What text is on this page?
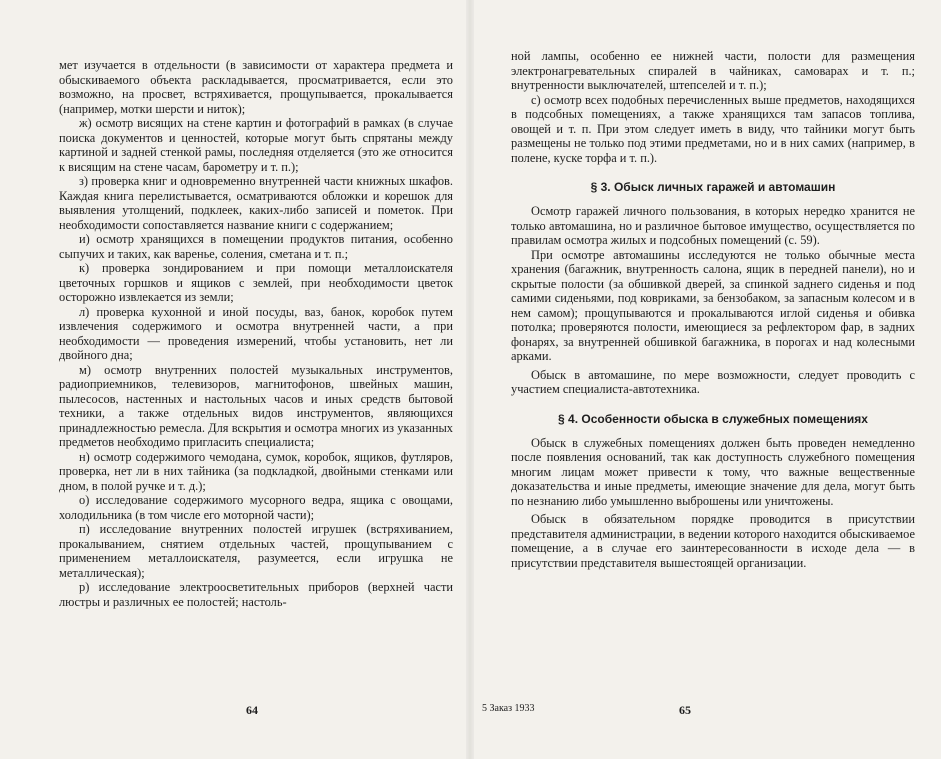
мет изучается в отдельности (в зависимости от характера предмета и обыскиваемого объекта раскладывается, просматривается, если это возможно, на просвет, встряхивается, прощупывается, прокалывается (например, мотки шерсти и ниток);

ж) осмотр висящих на стене картин и фотографий в рамках (в случае поиска документов и ценностей, которые могут быть спрятаны между картиной и задней стенкой рамы, последняя отделяется (это же относится к висящим на стене часам, барометру и т. п.);

з) проверка книг и одновременно внутренней части книжных шкафов. Каждая книга перелистывается, осматриваются обложки и корешок для выявления утолщений, подклеек, каких-либо записей и пометок. При необходимости сопоставляется название книги с содержанием;

и) осмотр хранящихся в помещении продуктов питания, особенно сыпучих и таких, как варенье, соления, сметана и т. п.;

к) проверка зондированием и при помощи металлоискателя цветочных горшков и ящиков с землей, при необходимости цветок осторожно извлекается из земли;

л) проверка кухонной и иной посуды, ваз, банок, коробок путем извлечения содержимого и осмотра внутренней части, а при необходимости — проведения измерений, чтобы установить, нет ли двойного дна;

м) осмотр внутренних полостей музыкальных инструментов, радиоприемников, телевизоров, магнитофонов, швейных машин, пылесосов, настенных и настольных часов и иных средств бытовой техники, а также отдельных видов инструментов, являющихся принадлежностью ремесла. Для вскрытия и осмотра многих из указанных предметов необходимо пригласить специалиста;

н) осмотр содержимого чемодана, сумок, коробок, ящиков, футляров, проверка, нет ли в них тайника (за подкладкой, двойными стенками или дном, в полой ручке и т. д.);

о) исследование содержимого мусорного ведра, ящика с овощами, холодильника (в том числе его моторной части);

п) исследование внутренних полостей игрушек (встряхиванием, прокалыванием, снятием отдельных частей, прощупыванием с применением металлоискателя, разумеется, если игрушка не металлическая);

р) исследование электроосветительных приборов (верхней части люстры и различных ее полостей; настоль-

64

ной лампы, особенно ее нижней части, полости для размещения электронагревательных спиралей в чайниках, самоварах и т. п.; внутренности выключателей, штепселей и т. п.);

с) осмотр всех подобных перечисленных выше предметов, находящихся в подсобных помещениях, а также хранящихся там запасов топлива, овощей и т. п. При этом следует иметь в виду, что тайники могут быть размещены не только под этими предметами, но и в них самих (например, в полене, куске торфа и т. п.).

§ 3. Обыск личных гаражей и автомашин

Осмотр гаражей личного пользования, в которых нередко хранится не только автомашина, но и различное бытовое имущество, осуществляется по правилам осмотра жилых и подсобных помещений (с. 59).

При осмотре автомашины исследуются не только обычные места хранения (багажник, внутренность салона, ящик в передней панели), но и скрытые полости (за обшивкой дверей, за спинкой заднего сиденья и под самими сиденьями, под ковриками, за бензобаком, за запасным колесом и в нем самом); прощупываются и прокалываются иглой сиденья и обивка потолка; проверяются полости, имеющиеся за рефлектором фар, в задних фонарях, за внутренней обшивкой багажника, в порогах и над колесными арками.

Обыск в автомашине, по мере возможности, следует проводить с участием специалиста-автотехника.

§ 4. Особенности обыска в служебных помещениях

Обыск в служебных помещениях должен быть проведен немедленно после появления оснований, так как доступность служебного помещения многим лицам может привести к тому, что важные вещественные доказательства и иные предметы, имеющие значение для дела, могут быть по незнанию либо умышленно выброшены или уничтожены.

Обыск в обязательном порядке проводится в присутствии представителя администрации, в ведении которого находится обыскиваемое помещение, а в случае его заинтересованности в исходе дела — в присутствии представителя вышестоящей организации.

5 Заказ 1933	65
